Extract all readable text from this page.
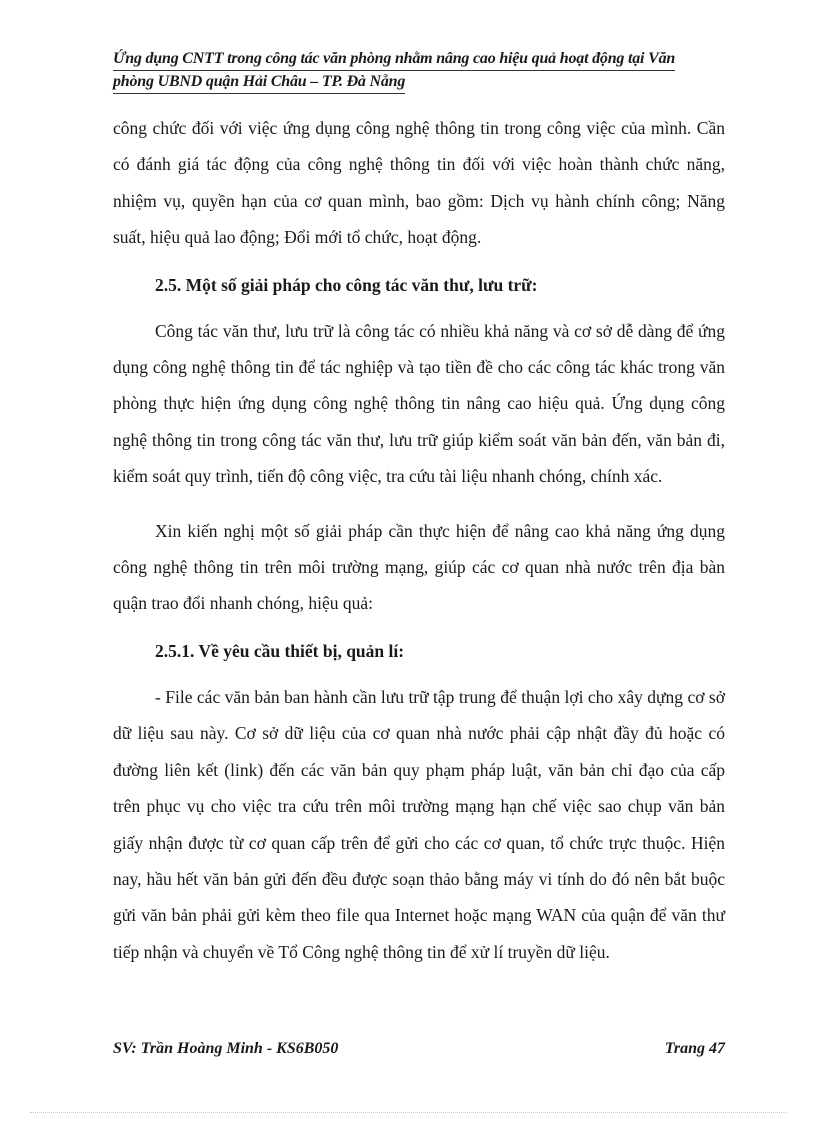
Ứng dụng CNTT trong công tác văn phòng nhằm nâng cao hiệu quả hoạt động tại Văn
phòng UBND quận Hải Châu – TP. Đà Nẵng

công chức đối với việc ứng dụng công nghệ thông tin trong công việc của mình. Cần có đánh giá tác động của công nghệ thông tin đối với việc hoàn thành chức năng, nhiệm vụ, quyền hạn của cơ quan mình, bao gồm: Dịch vụ hành chính công; Năng suất, hiệu quả lao động; Đổi mới tổ chức, hoạt động.

2.5. Một số giải pháp cho công tác văn thư, lưu trữ:

Công tác văn thư, lưu trữ là công tác có nhiều khả năng và cơ sở dễ dàng để ứng dụng công nghệ thông tin để tác nghiệp và tạo tiền đề cho các công tác khác trong văn phòng thực hiện ứng dụng công nghệ thông tin nâng cao hiệu quả. Ứng dụng công nghệ thông tin trong công tác văn thư, lưu trữ giúp kiểm soát văn bản đến, văn bản đi, kiểm soát quy trình, tiến độ công việc, tra cứu tài liệu nhanh chóng, chính xác.

Xin kiến nghị một số giải pháp cần thực hiện để nâng cao khả năng ứng dụng công nghệ thông tin trên môi trường mạng, giúp các cơ quan nhà nước trên địa bàn quận trao đổi nhanh chóng, hiệu quả:

2.5.1. Về yêu cầu thiết bị, quản lí:

- File các văn bản ban hành cần lưu trữ tập trung để thuận lợi cho xây dựng cơ sở dữ liệu sau này. Cơ sở dữ liệu của cơ quan nhà nước phải cập nhật đầy đủ hoặc có đường liên kết (link) đến các văn bản quy phạm pháp luật, văn bản chỉ đạo của cấp trên phục vụ cho việc tra cứu trên môi trường mạng hạn chế việc sao chụp văn bản giấy nhận được từ cơ quan cấp trên để gửi cho các cơ quan, tổ chức trực thuộc. Hiện nay, hầu hết văn bản gửi đến đều được soạn thảo bằng máy vi tính do đó nên bắt buộc gửi văn bản phải gửi kèm theo file qua Internet hoặc mạng WAN của quận để văn thư tiếp nhận và chuyển về Tổ Công nghệ thông tin để xử lí truyền dữ liệu.

SV: Trần Hoàng Minh - KS6B050	Trang 47
